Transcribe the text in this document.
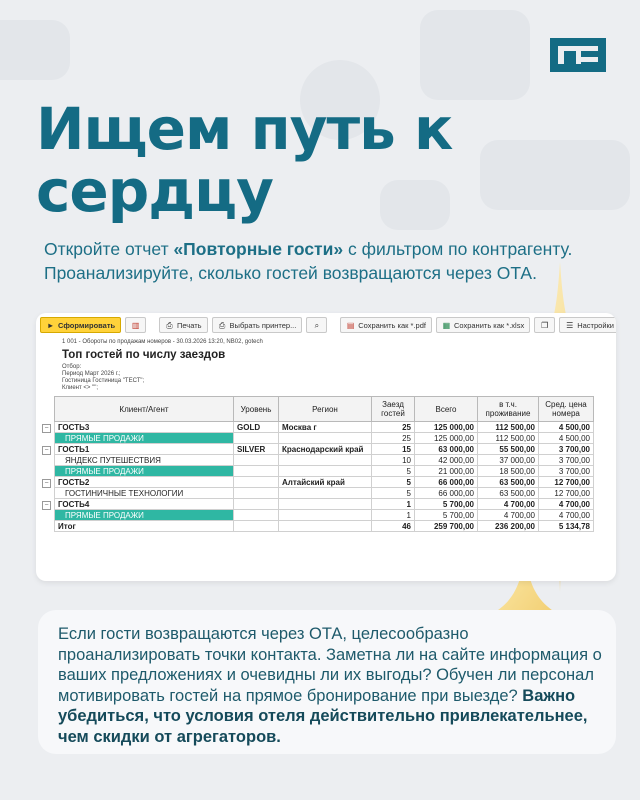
Ищем путь к
сердцу

Откройте отчет «Повторные гости» с фильтром по контрагенту. Проанализируйте, сколько гостей возвращаются через ОТА.

▸ Сформировать ▥	⎙ Печать ⎙ Выбрать принтер... ⌕	▤ Сохранить как *.pdf ▦ Сохранить как *.xlsx ❐ ☰ Настройки
1 001 - Обороты по продажам номеров - 30.03.2026 13:20, NB02, gotech
Топ гостей по числу заездов
Отбор:
Период Март 2026 г.;
Гостиница Гостиница "ТЕСТ";
Клиент <> "";
−
−
−
−
Клиент/Агент	Уровень	Регион	Заезд гостей	Всего	в т.ч. проживание	Сред. цена номера
ГОСТЬ3	GOLD	Москва г	25	125 000,00	112 500,00	4 500,00
ПРЯМЫЕ ПРОДАЖИ			25	125 000,00	112 500,00	4 500,00
ГОСТЬ1	SILVER	Краснодарский край	15	63 000,00	55 500,00	3 700,00
ЯНДЕКС ПУТЕШЕСТВИЯ			10	42 000,00	37 000,00	3 700,00
ПРЯМЫЕ ПРОДАЖИ			5	21 000,00	18 500,00	3 700,00
ГОСТЬ2		Алтайский край	5	66 000,00	63 500,00	12 700,00
ГОСТИНИЧНЫЕ ТЕХНОЛОГИИ			5	66 000,00	63 500,00	12 700,00
ГОСТЬ4			1	5 700,00	4 700,00	4 700,00
ПРЯМЫЕ ПРОДАЖИ			1	5 700,00	4 700,00	4 700,00
Итог			46	259 700,00	236 200,00	5 134,78

Если гости возвращаются через ОТА, целесообразно проанализировать точки контакта. Заметна ли на сайте информация о ваших предложениях и очевидны ли их выгоды? Обучен ли персонал мотивировать гостей на прямое бронирование при выезде? Важно убедиться, что условия отеля действительно привлекательнее, чем скидки от агрегаторов.
